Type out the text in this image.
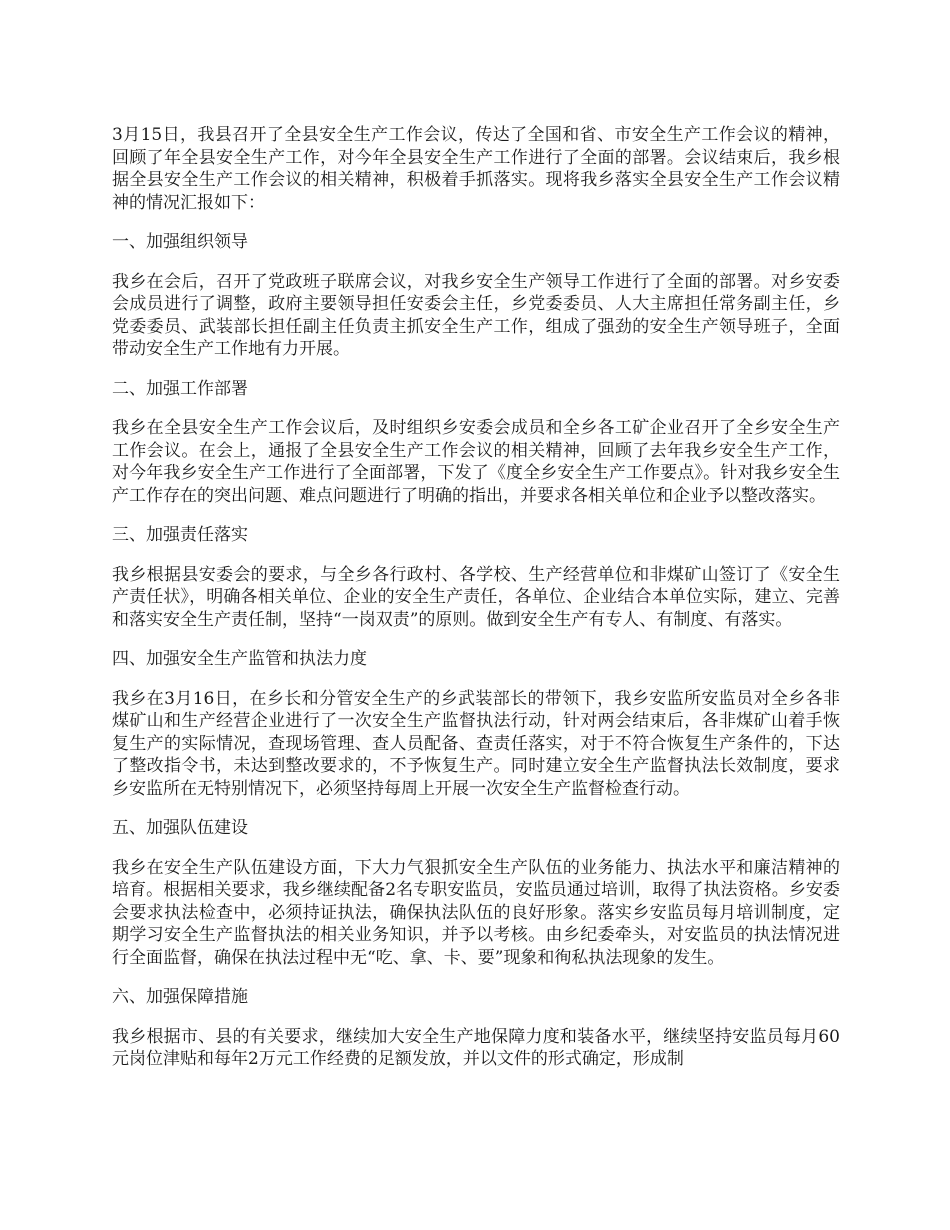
3月15日，我县召开了全县安全生产工作会议，传达了全国和省、市安全生产工作会议的精神，回顾了年全县安全生产工作，对今年全县安全生产工作进行了全面的部署。会议结束后，我乡根据全县安全生产工作会议的相关精神，积极着手抓落实。现将我乡落实全县安全生产工作会议精神的情况汇报如下：

一、加强组织领导

我乡在会后，召开了党政班子联席会议，对我乡安全生产领导工作进行了全面的部署。对乡安委会成员进行了调整，政府主要领导担任安委会主任，乡党委委员、人大主席担任常务副主任，乡党委委员、武装部长担任副主任负责主抓安全生产工作，组成了强劲的安全生产领导班子，全面带动安全生产工作地有力开展。

二、加强工作部署

我乡在全县安全生产工作会议后，及时组织乡安委会成员和全乡各工矿企业召开了全乡安全生产工作会议。在会上，通报了全县安全生产工作会议的相关精神，回顾了去年我乡安全生产工作，对今年我乡安全生产工作进行了全面部署，下发了《度全乡安全生产工作要点》。针对我乡安全生产工作存在的突出问题、难点问题进行了明确的指出，并要求各相关单位和企业予以整改落实。

三、加强责任落实

我乡根据县安委会的要求，与全乡各行政村、各学校、生产经营单位和非煤矿山签订了《安全生产责任状》，明确各相关单位、企业的安全生产责任，各单位、企业结合本单位实际，建立、完善和落实安全生产责任制，坚持“一岗双责”的原则。做到安全生产有专人、有制度、有落实。

四、加强安全生产监管和执法力度

我乡在3月16日，在乡长和分管安全生产的乡武装部长的带领下，我乡安监所安监员对全乡各非煤矿山和生产经营企业进行了一次安全生产监督执法行动，针对两会结束后，各非煤矿山着手恢复生产的实际情况，查现场管理、查人员配备、查责任落实，对于不符合恢复生产条件的，下达了整改指令书，未达到整改要求的，不予恢复生产。同时建立安全生产监督执法长效制度，要求乡安监所在无特别情况下，必须坚持每周上开展一次安全生产监督检查行动。

五、加强队伍建设

我乡在安全生产队伍建设方面，下大力气狠抓安全生产队伍的业务能力、执法水平和廉洁精神的培育。根据相关要求，我乡继续配备2名专职安监员，安监员通过培训，取得了执法资格。乡安委会要求执法检查中，必须持证执法，确保执法队伍的良好形象。落实乡安监员每月培训制度，定期学习安全生产监督执法的相关业务知识，并予以考核。由乡纪委牵头，对安监员的执法情况进行全面监督，确保在执法过程中无“吃、拿、卡、要”现象和徇私执法现象的发生。

六、加强保障措施

我乡根据市、县的有关要求，继续加大安全生产地保障力度和装备水平，继续坚持安监员每月60元岗位津贴和每年2万元工作经费的足额发放，并以文件的形式确定，形成制
